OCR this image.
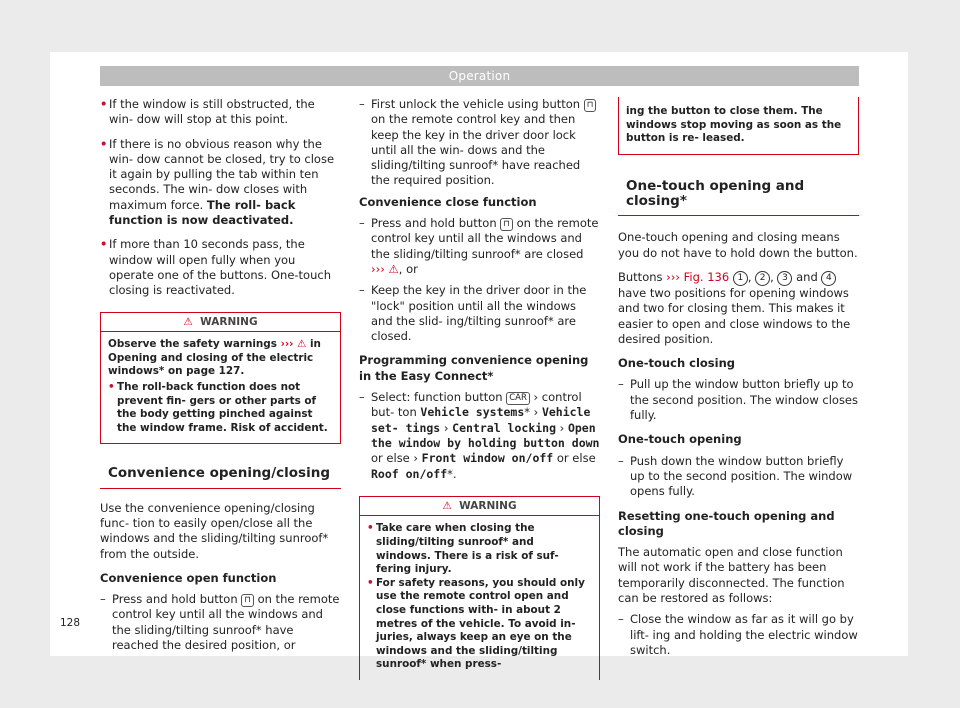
Operation

• If the window is still obstructed, the win- dow will stop at this point.

• If there is no obvious reason why the win- dow cannot be closed, try to close it again by pulling the tab within ten seconds. The win- dow closes with maximum force. The roll- back function is now deactivated.

• If more than 10 seconds pass, the window will open fully when you operate one of the buttons. One-touch closing is reactivated.

⚠ WARNING

Observe the safety warnings ››› ⚠ in Opening and closing of the electric windows* on page 127.

• The roll-back function does not prevent fin- gers or other parts of the body getting pinched against the window frame. Risk of accident.

Convenience opening/closing

Use the convenience opening/closing func- tion to easily open/close all the windows and the sliding/tilting sunroof* from the outside.

Convenience open function

– Press and hold button ⊓ on the remote control key until all the windows and the sliding/tilting sunroof* have reached the desired position, or

– First unlock the vehicle using button ⊓ on the remote control key and then keep the key in the driver door lock until all the win- dows and the sliding/tilting sunroof* have reached the required position.

Convenience close function

– Press and hold button ⊓ on the remote control key until all the windows and the sliding/tilting sunroof* are closed ››› ⚠, or

– Keep the key in the driver door in the "lock" position until all the windows and the slid- ing/tilting sunroof* are closed.

Programming convenience opening in the Easy Connect*

– Select: function button CAR › control but- ton Vehicle systems* › Vehicle set- tings › Central locking › Open the window by holding button down or else › Front window on/off or else Roof on/off*.

⚠ WARNING

• Take care when closing the sliding/tilting sunroof* and windows. There is a risk of suf- fering injury.

• For safety reasons, you should only use the remote control open and close functions with- in about 2 metres of the vehicle. To avoid in- juries, always keep an eye on the windows and the sliding/tilting sunroof* when press-

ing the button to close them. The windows stop moving as soon as the button is re- leased.
One-touch opening and closing*

One-touch opening and closing means you do not have to hold down the button.

Buttons ››› Fig. 136 1 , 2 , 3 and 4 have two positions for opening windows and two for closing them. This makes it easier to open and close windows to the desired position.

One-touch closing

– Pull up the window button briefly up to the second position. The window closes fully.

One-touch opening

– Push down the window button briefly up to the second position. The window opens fully.

Resetting one-touch opening and closing

The automatic open and close function will not work if the battery has been temporarily disconnected. The function can be restored as follows:

– Close the window as far as it will go by lift- ing and holding the electric window switch.

128
